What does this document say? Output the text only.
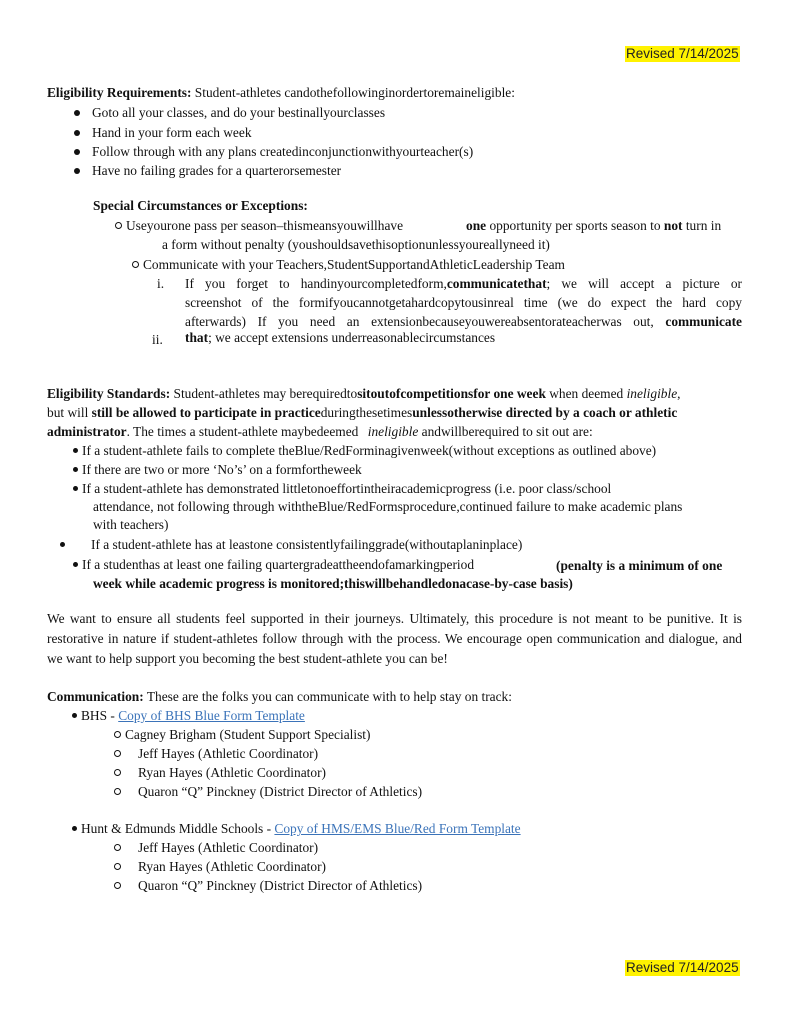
Revised 7/14/2025
Eligibility Requirements: Student-athletes candothefollowinginordertoremaineligible:
Goto all your classes, and do your bestinallyourclasses
Hand in your form each week
Follow through with any plans createdinconjunctionwithyourteacher(s)
Have no failing grades for a quarterorsemester
Special Circumstances or Exceptions:
Useyourone pass per season–thismeansyouwillhave	one opportunity per sports season to not turn in
a form without penalty (youshouldsavethisoptionunlessyoureallyneed it)
Communicate with your Teachers,StudentSupportandAthleticLeadership Team
i. If you forget to handinyourcompletedform,communicatethat; we will accept a picture or
screenshot of the formifyoucannotgetahardcopytousinreal time (we do expect the hard copy
afterwards) If you need an extensionbecauseyouwereabsentorateacherwas out, communicate
ii. that; we accept extensions underreasonablecircumstances
Eligibility Standards: Student-athletes may berequiredtositoutofcompetitionsfor one week when deemed ineligible,
but will still be allowed to participate in practiceduringthesetimesunlessotherwise directed by a coach or athletic
administrator. The times a student-athlete maybedeemed ineligible andwillberequired to sit out are:
If a student-athlete fails to complete theBlue/RedForminagivenweek(without exceptions as outlined above)
If there are two or more ‘No’s’ on a formfortheweek
If a student-athlete has demonstrated littletonoeffortintheiracademicprogress (i.e. poor class/school
attendance, not following through withtheBlue/RedFormsprocedure,continued failure to make academic plans
with teachers)
If a student-athlete has at leastone consistentlyfailinggrade(withoutaplaninplace)
If a studenthas at least one failing quartergradeattheendofamarkingperiod	(penalty is a minimum of one
week while academic progress is monitored;thiswillbehandledonacase-by-case basis)
We want to ensure all students feel supported in their journeys. Ultimately, this procedure is not meant to be punitive. It is restorative in nature if student-athletes follow through with the process. We encourage open communication and dialogue, and we want to help support you becoming the best student-athlete you can be!
Communication: These are the folks you can communicate with to help stay on track:
BHS - Copy of BHS Blue Form Template
Cagney Brigham (Student Support Specialist)
Jeff Hayes (Athletic Coordinator)
Ryan Hayes (Athletic Coordinator)
Quaron “Q” Pinckney (District Director of Athletics)
Hunt & Edmunds Middle Schools - Copy of HMS/EMS Blue/Red Form Template
Jeff Hayes (Athletic Coordinator)
Ryan Hayes (Athletic Coordinator)
Quaron “Q” Pinckney (District Director of Athletics)
Revised 7/14/2025
